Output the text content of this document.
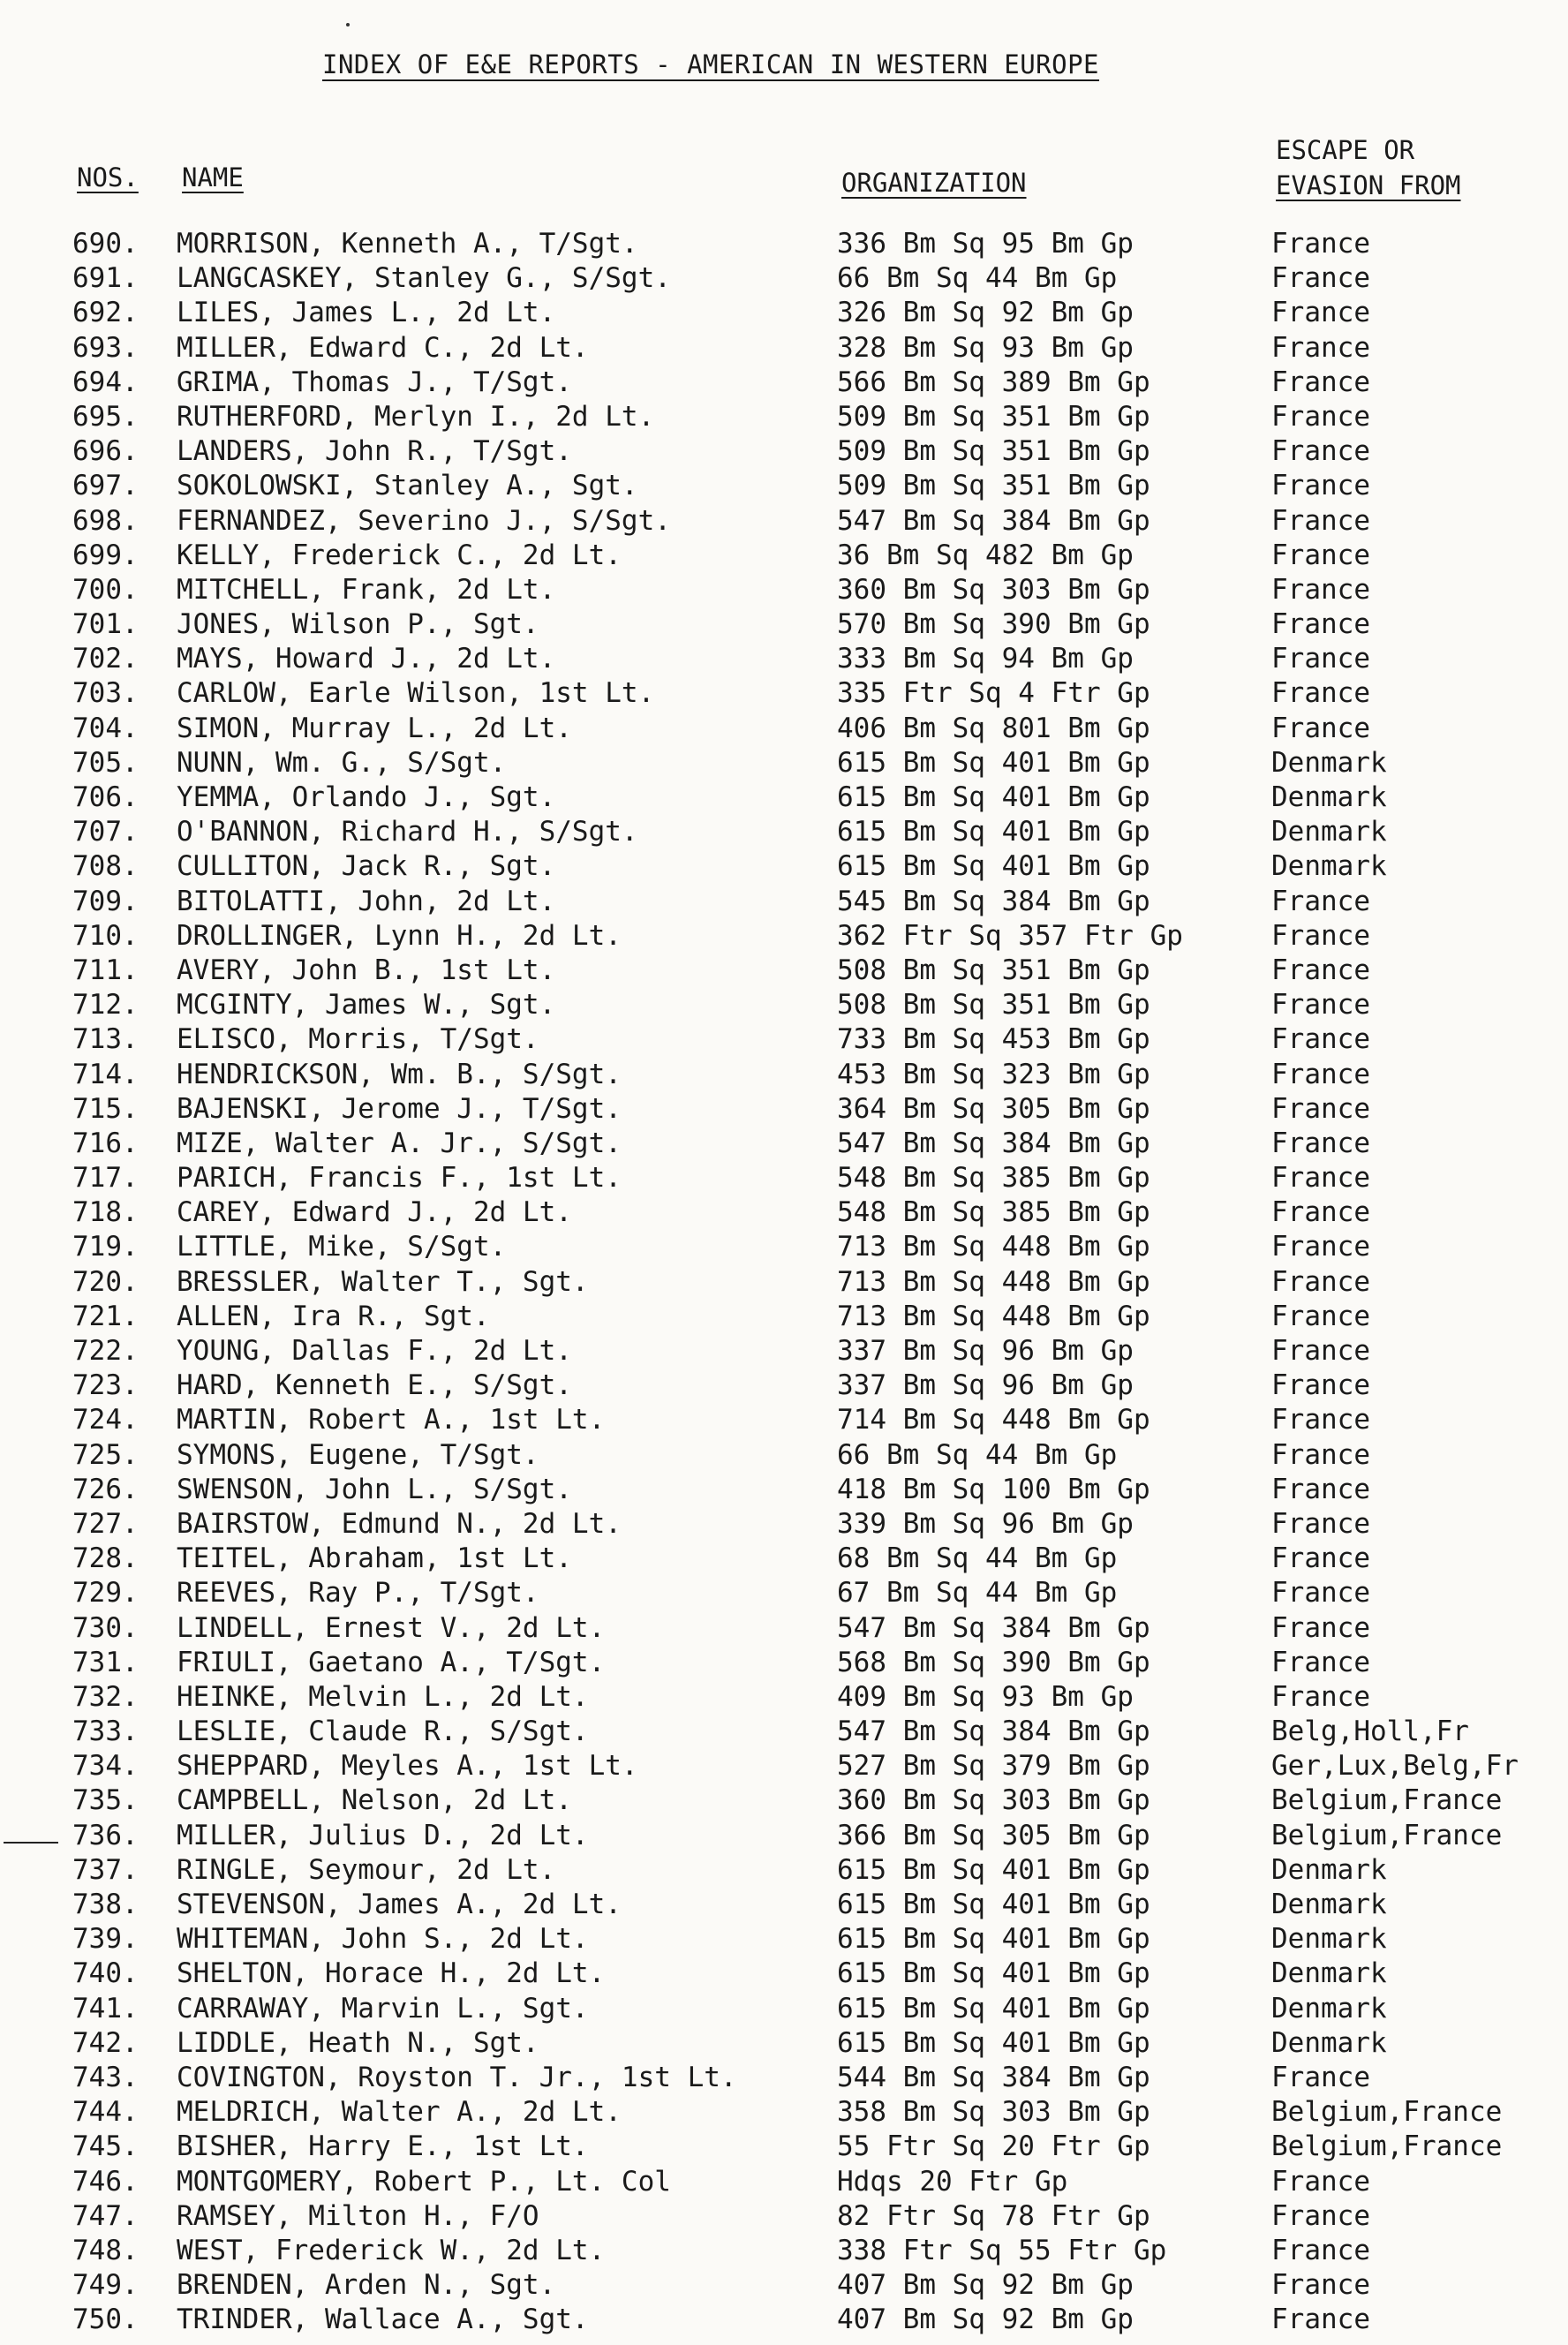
INDEX OF E&E REPORTS - AMERICAN IN WESTERN EUROPE
NOS. NAME	ORGANIZATION
ESCAPE OR
EVASION FROM
690. MORRISON, Kenneth A., T/Sgt.	336 Bm Sq 95 Bm Gp	France
691. LANGCASKEY, Stanley G., S/Sgt.	66 Bm Sq 44 Bm Gp	France
692. LILES, James L., 2d Lt.	326 Bm Sq 92 Bm Gp	France
693. MILLER, Edward C., 2d Lt.	328 Bm Sq 93 Bm Gp	France
694. GRIMA, Thomas J., T/Sgt.	566 Bm Sq 389 Bm Gp	France
695. RUTHERFORD, Merlyn I., 2d Lt.	509 Bm Sq 351 Bm Gp	France
696. LANDERS, John R., T/Sgt.	509 Bm Sq 351 Bm Gp	France
697. SOKOLOWSKI, Stanley A., Sgt.	509 Bm Sq 351 Bm Gp	France
698. FERNANDEZ, Severino J., S/Sgt.	547 Bm Sq 384 Bm Gp	France
699. KELLY, Frederick C., 2d Lt.	36 Bm Sq 482 Bm Gp	France
700. MITCHELL, Frank, 2d Lt.	360 Bm Sq 303 Bm Gp	France
701. JONES, Wilson P., Sgt.	570 Bm Sq 390 Bm Gp	France
702. MAYS, Howard J., 2d Lt.	333 Bm Sq 94 Bm Gp	France
703. CARLOW, Earle Wilson, 1st Lt.	335 Ftr Sq 4 Ftr Gp	France
704. SIMON, Murray L., 2d Lt.	406 Bm Sq 801 Bm Gp	France
705. NUNN, Wm. G., S/Sgt.	615 Bm Sq 401 Bm Gp	Denmark
706. YEMMA, Orlando J., Sgt.	615 Bm Sq 401 Bm Gp	Denmark
707. O'BANNON, Richard H., S/Sgt.	615 Bm Sq 401 Bm Gp	Denmark
708. CULLITON, Jack R., Sgt.	615 Bm Sq 401 Bm Gp	Denmark
709. BITOLATTI, John, 2d Lt.	545 Bm Sq 384 Bm Gp	France
710. DROLLINGER, Lynn H., 2d Lt.	362 Ftr Sq 357 Ftr Gp	France
711. AVERY, John B., 1st Lt.	508 Bm Sq 351 Bm Gp	France
712. MCGINTY, James W., Sgt.	508 Bm Sq 351 Bm Gp	France
713. ELISCO, Morris, T/Sgt.	733 Bm Sq 453 Bm Gp	France
714. HENDRICKSON, Wm. B., S/Sgt.	453 Bm Sq 323 Bm Gp	France
715. BAJENSKI, Jerome J., T/Sgt.	364 Bm Sq 305 Bm Gp	France
716. MIZE, Walter A. Jr., S/Sgt.	547 Bm Sq 384 Bm Gp	France
717. PARICH, Francis F., 1st Lt.	548 Bm Sq 385 Bm Gp	France
718. CAREY, Edward J., 2d Lt.	548 Bm Sq 385 Bm Gp	France
719. LITTLE, Mike, S/Sgt.	713 Bm Sq 448 Bm Gp	France
720. BRESSLER, Walter T., Sgt.	713 Bm Sq 448 Bm Gp	France
721. ALLEN, Ira R., Sgt.	713 Bm Sq 448 Bm Gp	France
722. YOUNG, Dallas F., 2d Lt.	337 Bm Sq 96 Bm Gp	France
723. HARD, Kenneth E., S/Sgt.	337 Bm Sq 96 Bm Gp	France
724. MARTIN, Robert A., 1st Lt.	714 Bm Sq 448 Bm Gp	France
725. SYMONS, Eugene, T/Sgt.	66 Bm Sq 44 Bm Gp	France
726. SWENSON, John L., S/Sgt.	418 Bm Sq 100 Bm Gp	France
727. BAIRSTOW, Edmund N., 2d Lt.	339 Bm Sq 96 Bm Gp	France
728. TEITEL, Abraham, 1st Lt.	68 Bm Sq 44 Bm Gp	France
729. REEVES, Ray P., T/Sgt.	67 Bm Sq 44 Bm Gp	France
730. LINDELL, Ernest V., 2d Lt.	547 Bm Sq 384 Bm Gp	France
731. FRIULI, Gaetano A., T/Sgt.	568 Bm Sq 390 Bm Gp	France
732. HEINKE, Melvin L., 2d Lt.	409 Bm Sq 93 Bm Gp	France
733. LESLIE, Claude R., S/Sgt.	547 Bm Sq 384 Bm Gp	Belg,Holl,Fr
734. SHEPPARD, Meyles A., 1st Lt.	527 Bm Sq 379 Bm Gp	Ger,Lux,Belg,Fr
735. CAMPBELL, Nelson, 2d Lt.	360 Bm Sq 303 Bm Gp	Belgium,France
736. MILLER, Julius D., 2d Lt.	366 Bm Sq 305 Bm Gp	Belgium,France
737. RINGLE, Seymour, 2d Lt.	615 Bm Sq 401 Bm Gp	Denmark
738. STEVENSON, James A., 2d Lt.	615 Bm Sq 401 Bm Gp	Denmark
739. WHITEMAN, John S., 2d Lt.	615 Bm Sq 401 Bm Gp	Denmark
740. SHELTON, Horace H., 2d Lt.	615 Bm Sq 401 Bm Gp	Denmark
741. CARRAWAY, Marvin L., Sgt.	615 Bm Sq 401 Bm Gp	Denmark
742. LIDDLE, Heath N., Sgt.	615 Bm Sq 401 Bm Gp	Denmark
743. COVINGTON, Royston T. Jr., 1st Lt.	544 Bm Sq 384 Bm Gp	France
744. MELDRICH, Walter A., 2d Lt.	358 Bm Sq 303 Bm Gp	Belgium,France
745. BISHER, Harry E., 1st Lt.	55 Ftr Sq 20 Ftr Gp	Belgium,France
746. MONTGOMERY, Robert P., Lt. Col	Hdqs 20 Ftr Gp	France
747. RAMSEY, Milton H., F/O	82 Ftr Sq 78 Ftr Gp	France
748. WEST, Frederick W., 2d Lt.	338 Ftr Sq 55 Ftr Gp	France
749. BRENDEN, Arden N., Sgt.	407 Bm Sq 92 Bm Gp	France
750. TRINDER, Wallace A., Sgt.	407 Bm Sq 92 Bm Gp	France
